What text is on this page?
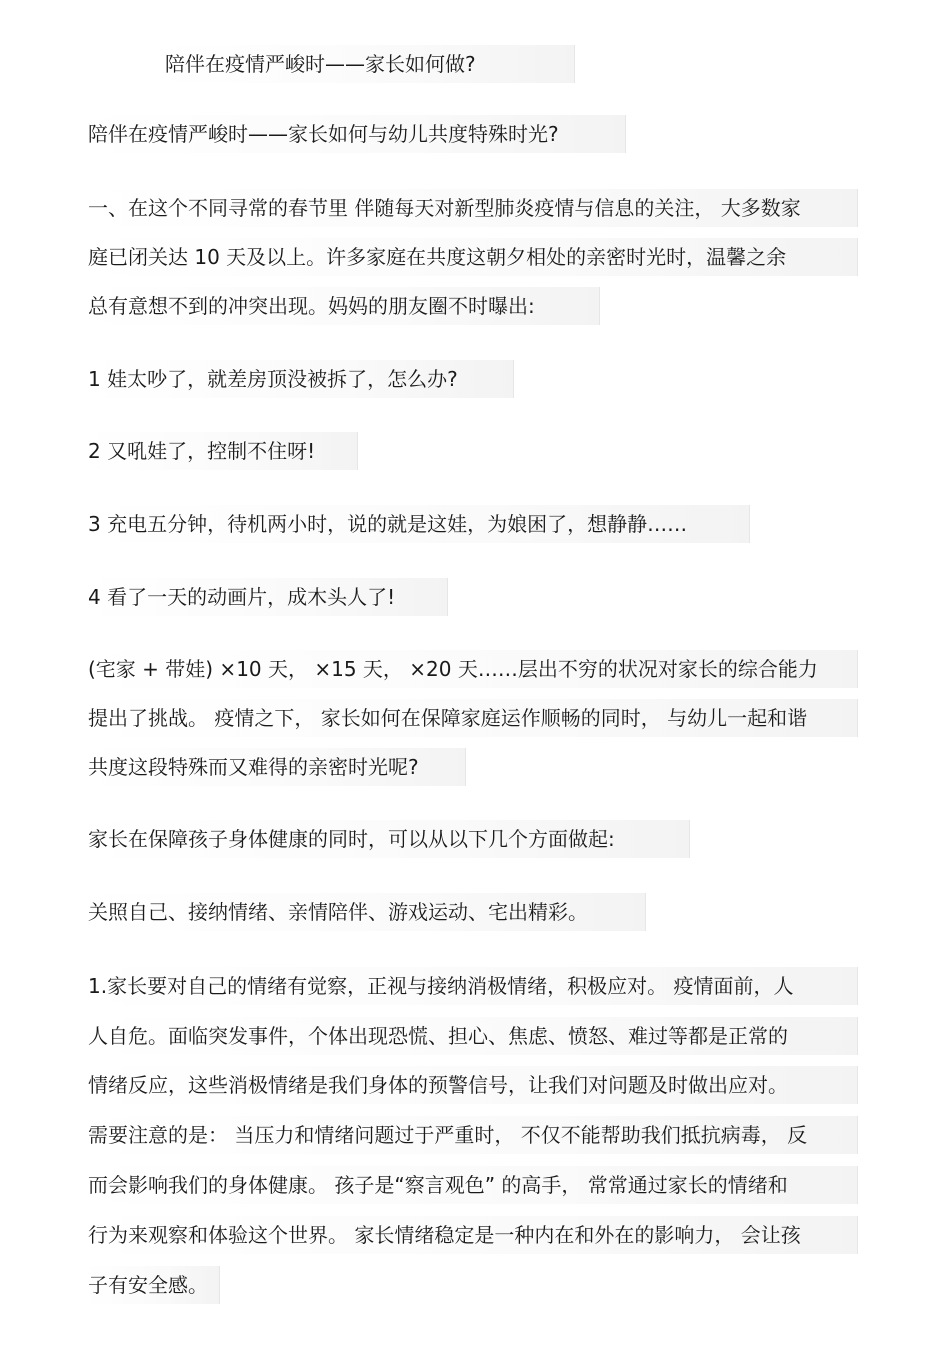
陪伴在疫情严峻时——家长如何做?
陪伴在疫情严峻时——家长如何与幼儿共度特殊时光?
一、在这个不同寻常的春节里 伴随每天对新型肺炎疫情与信息的关注， 大多数家
庭已闭关达 10 天及以上。许多家庭在共度这朝夕相处的亲密时光时，温馨之余
总有意想不到的冲突出现。妈妈的朋友圈不时曝出:
1 娃太吵了，就差房顶没被拆了，怎么办?
2 又吼娃了，控制不住呀!
3 充电五分钟，待机两小时，说的就是这娃，为娘困了，想静静……
4 看了一天的动画片，成木头人了!
(宅家 + 带娃) ×10 天， ×15 天， ×20 天……层出不穷的状况对家长的综合能力
提出了挑战。 疫情之下， 家长如何在保障家庭运作顺畅的同时， 与幼儿一起和谐
共度这段特殊而又难得的亲密时光呢?
家长在保障孩子身体健康的同时，可以从以下几个方面做起:
关照自己、接纳情绪、亲情陪伴、游戏运动、宅出精彩。
1.家长要对自己的情绪有觉察，正视与接纳消极情绪，积极应对。 疫情面前，人
人自危。面临突发事件，个体出现恐慌、担心、焦虑、愤怒、难过等都是正常的
情绪反应，这些消极情绪是我们身体的预警信号，让我们对问题及时做出应对。
需要注意的是： 当压力和情绪问题过于严重时， 不仅不能帮助我们抵抗病毒， 反
而会影响我们的身体健康。 孩子是“察言观色” 的高手， 常常通过家长的情绪和
行为来观察和体验这个世界。 家长情绪稳定是一种内在和外在的影响力， 会让孩
子有安全感。
